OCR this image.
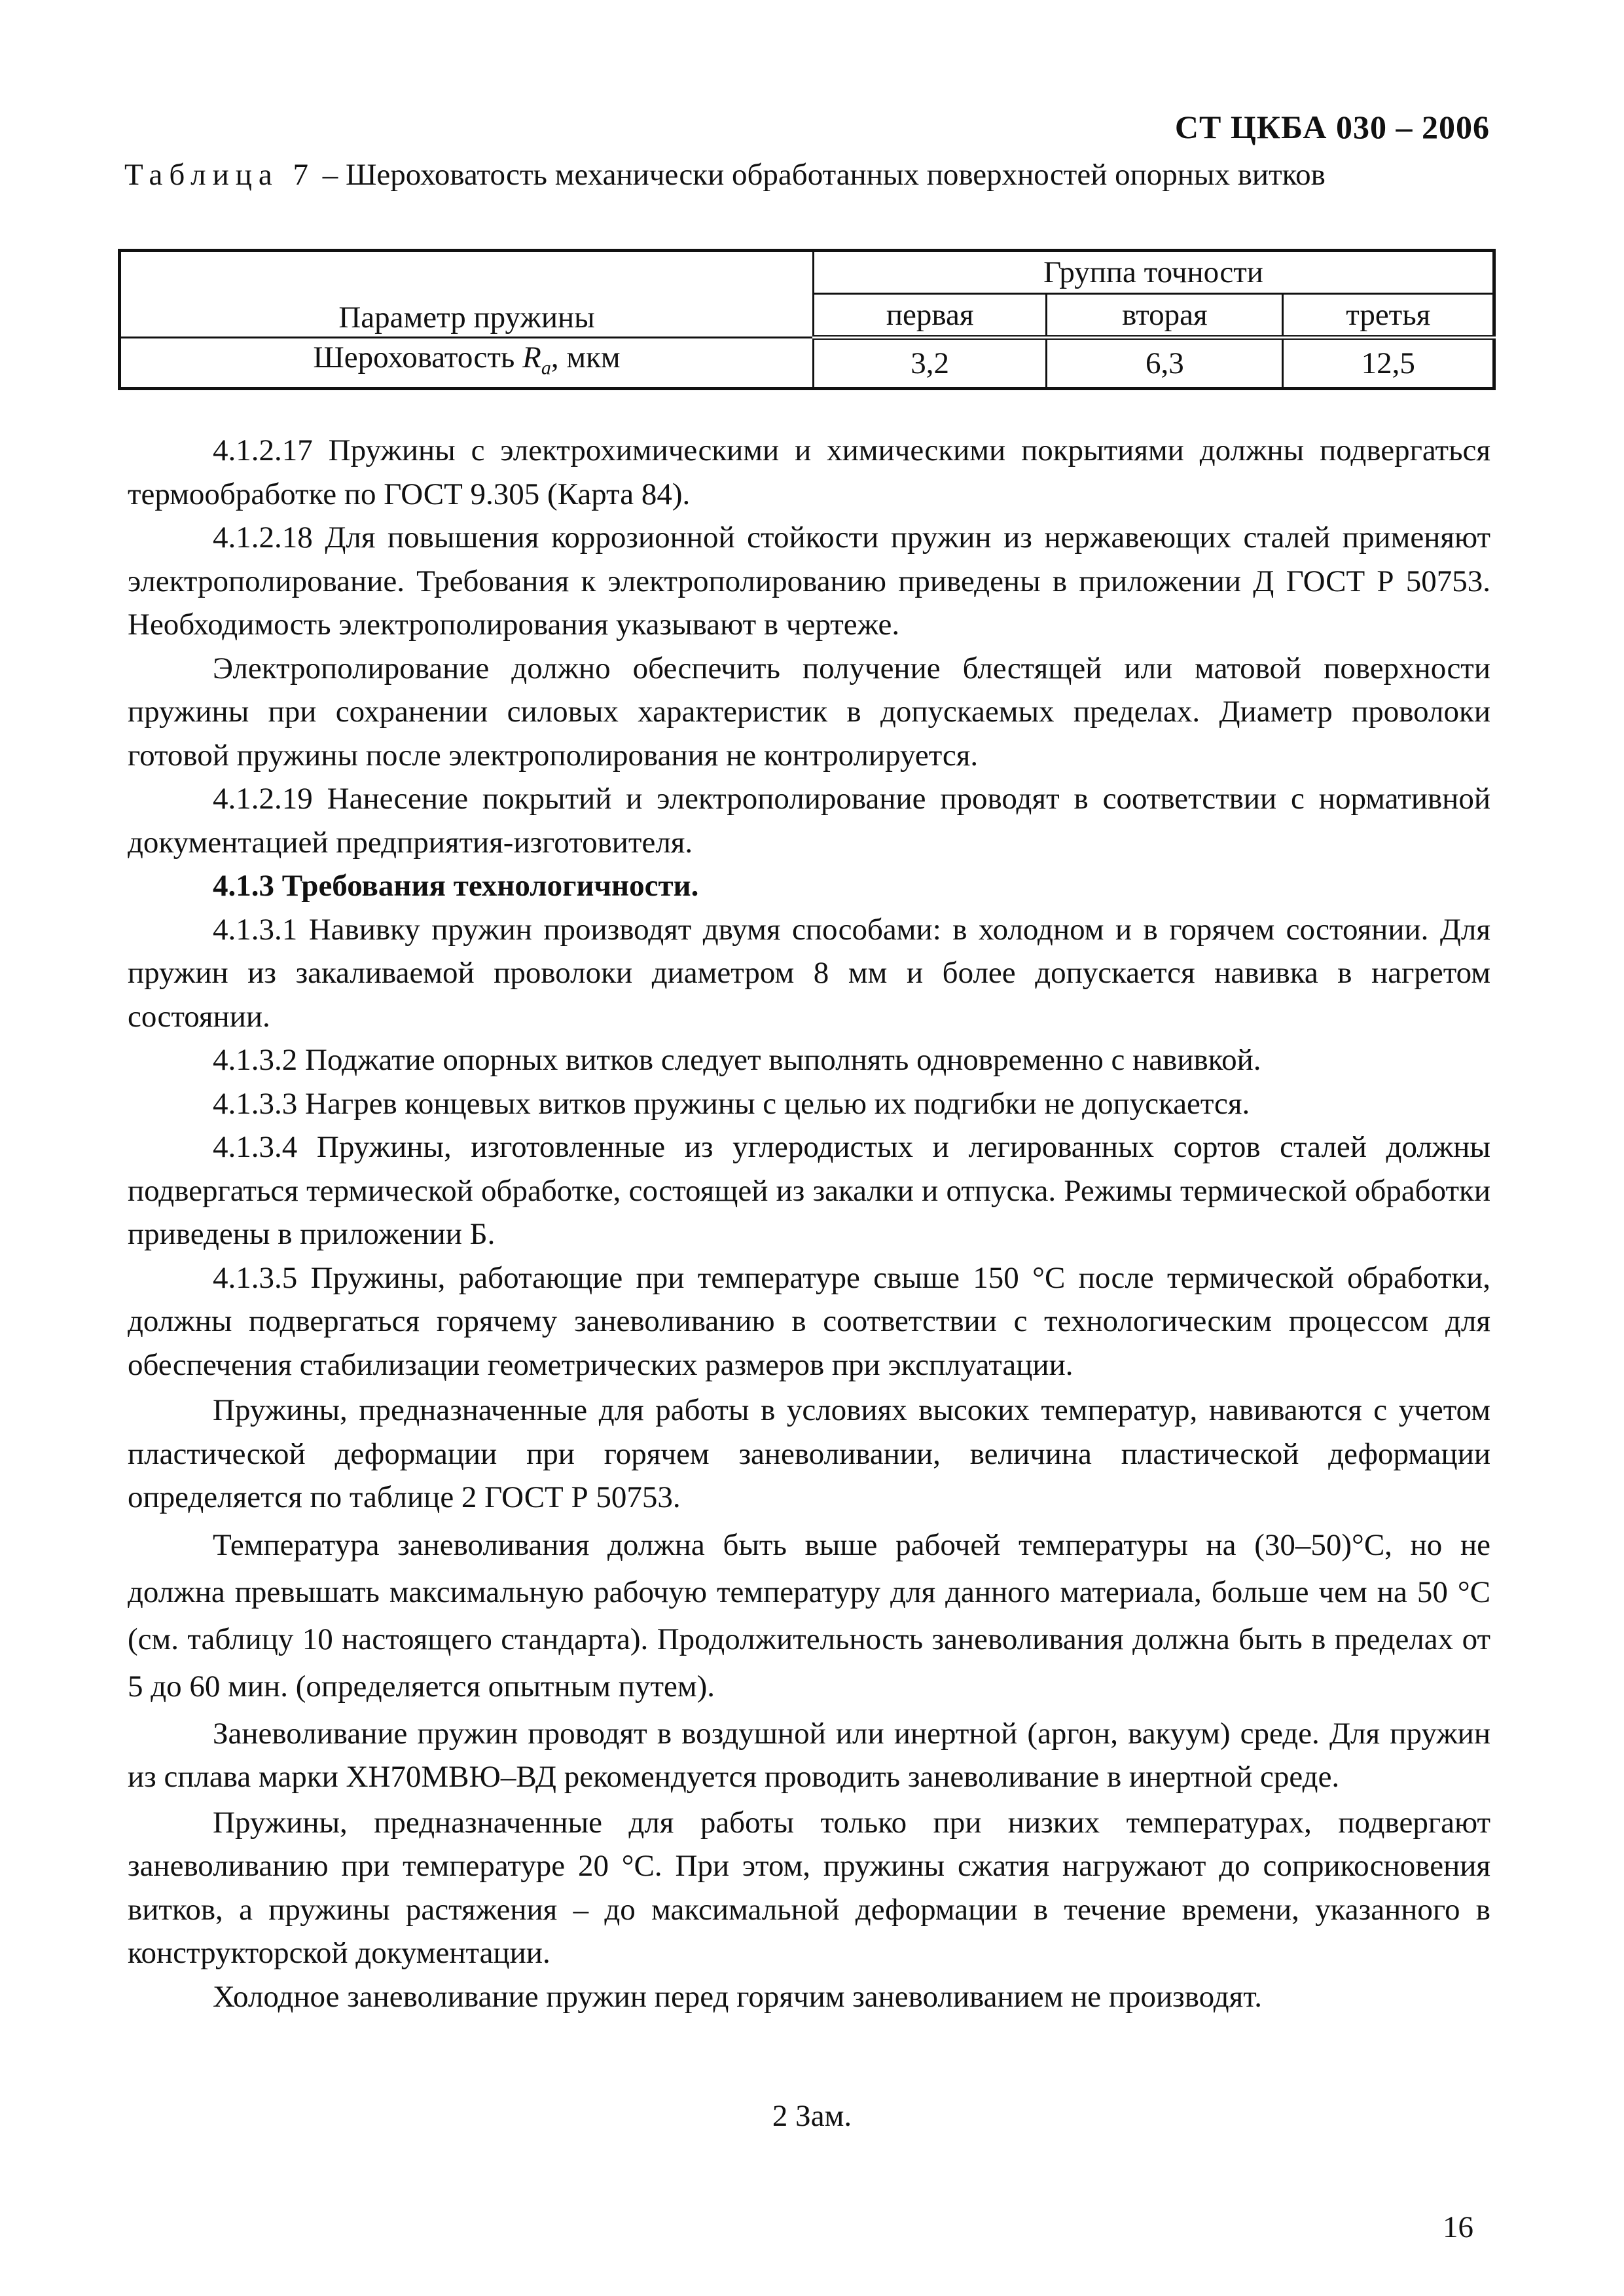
СТ ЦКБА 030 – 2006
Таблица 7 – Шероховатость механически обработанных поверхностей опорных витков
Параметр пружины	Группа точности		
	первая	вторая	третья
Шероховатость $R_a$, мкм	3,2	6,3	12,5

4.1.2.17 Пружины с электрохимическими и химическими покрытиями должны подвергаться термообработке по ГОСТ 9.305 (Карта 84).

4.1.2.18 Для повышения коррозионной стойкости пружин из нержавеющих сталей применяют электрополирование. Требования к электрополированию приведены в приложении Д ГОСТ Р 50753. Необходимость электрополирования указывают в чертеже.

Электрополирование должно обеспечить получение блестящей или матовой поверхности пружины при сохранении силовых характеристик в допускаемых пределах. Диаметр проволоки готовой пружины после электрополирования не контролируется.

4.1.2.19 Нанесение покрытий и электрополирование проводят в соответствии с нормативной документацией предприятия-изготовителя.

4.1.3 Требования технологичности.

4.1.3.1 Навивку пружин производят двумя способами: в холодном и в горячем состоянии. Для пружин из закаливаемой проволоки диаметром 8 мм и более допускается навивка в нагретом состоянии.

4.1.3.2 Поджатие опорных витков следует выполнять одновременно с навивкой.

4.1.3.3 Нагрев концевых витков пружины с целью их подгибки не допускается.

4.1.3.4 Пружины, изготовленные из углеродистых и легированных сортов сталей должны подвергаться термической обработке, состоящей из закалки и отпуска. Режимы термической обработки приведены в приложении Б.

4.1.3.5 Пружины, работающие при температуре свыше 150 °С после термической обработки, должны подвергаться горячему заневоливанию в соответствии с технологическим процессом для обеспечения стабилизации геометрических размеров при эксплуатации.

Пружины, предназначенные для работы в условиях высоких температур, навиваются с учетом пластической деформации при горячем заневоливании, величина пластической деформации определяется по таблице 2 ГОСТ Р 50753.

Температура заневоливания должна быть выше рабочей температуры на (30–50)°С, но не должна превышать максимальную рабочую температуру для данного материала, больше чем на 50 °С (см. таблицу 10 настоящего стандарта). Продолжительность заневоливания должна быть в пределах от 5 до 60 мин. (определяется опытным путем).

Заневоливание пружин проводят в воздушной или инертной (аргон, вакуум) среде. Для пружин из сплава марки ХН70МВЮ–ВД рекомендуется проводить заневоливание в инертной среде.

Пружины, предназначенные для работы только при низких температурах, подвергают заневоливанию при температуре 20 °С. При этом, пружины сжатия нагружают до соприкосновения витков, а пружины растяжения – до максимальной деформации в течение времени, указанного в конструкторской документации.

Холодное заневоливание пружин перед горячим заневоливанием не производят.

2 Зам.
16
